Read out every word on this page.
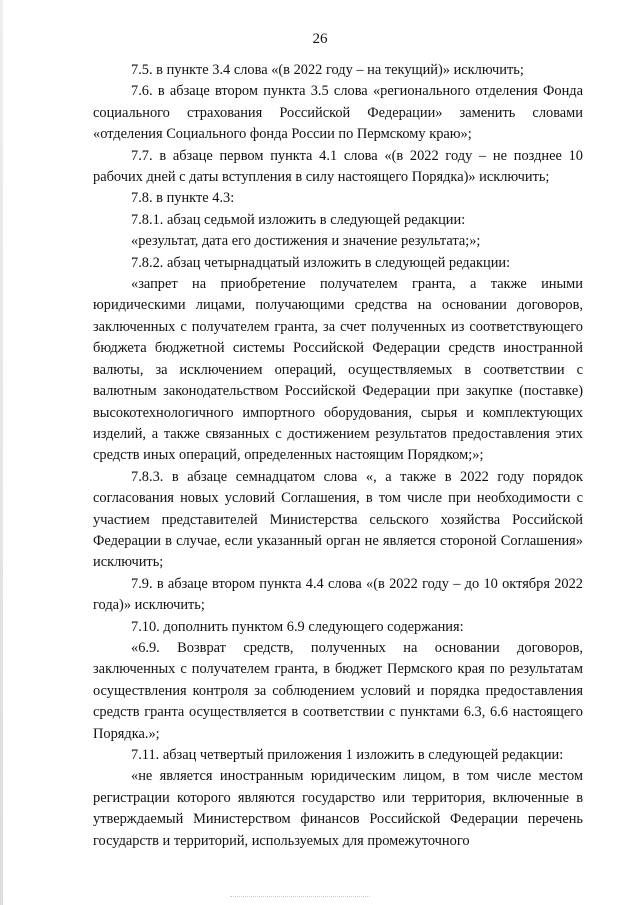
26

7.5. в пункте 3.4 слова «(в 2022 году – на текущий)» исключить;

7.6. в абзаце втором пункта 3.5 слова «регионального отделения Фонда социального страхования Российской Федерации» заменить словами «отделения Социального фонда России по Пермскому краю»;

7.7. в абзаце первом пункта 4.1 слова «(в 2022 году – не позднее 10 рабочих дней с даты вступления в силу настоящего Порядка)» исключить;

7.8. в пункте 4.3:

7.8.1. абзац седьмой изложить в следующей редакции:

«результат, дата его достижения и значение результата;»;

7.8.2. абзац четырнадцатый изложить в следующей редакции:

«запрет на приобретение получателем гранта, а также иными юридическими лицами, получающими средства на основании договоров, заключенных с получателем гранта, за счет полученных из соответствующего бюджета бюджетной системы Российской Федерации средств иностранной валюты, за исключением операций, осуществляемых в соответствии с валютным законодательством Российской Федерации при закупке (поставке) высокотехнологичного импортного оборудования, сырья и комплектующих изделий, а также связанных с достижением результатов предоставления этих средств иных операций, определенных настоящим Порядком;»;

7.8.3. в абзаце семнадцатом слова «, а также в 2022 году порядок согласования новых условий Соглашения, в том числе при необходимости с участием представителей Министерства сельского хозяйства Российской Федерации в случае, если указанный орган не является стороной Соглашения» исключить;

7.9. в абзаце втором пункта 4.4 слова «(в 2022 году – до 10 октября 2022 года)» исключить;

7.10. дополнить пунктом 6.9 следующего содержания:

«6.9. Возврат средств, полученных на основании договоров, заключенных с получателем гранта, в бюджет Пермского края по результатам осуществления контроля за соблюдением условий и порядка предоставления средств гранта осуществляется в соответствии с пунктами 6.3, 6.6 настоящего Порядка.»;

7.11. абзац четвертый приложения 1 изложить в следующей редакции:

«не является иностранным юридическим лицом, в том числе местом регистрации которого являются государство или территория, включенные в утверждаемый Министерством финансов Российской Федерации перечень государств и территорий, используемых для промежуточного
